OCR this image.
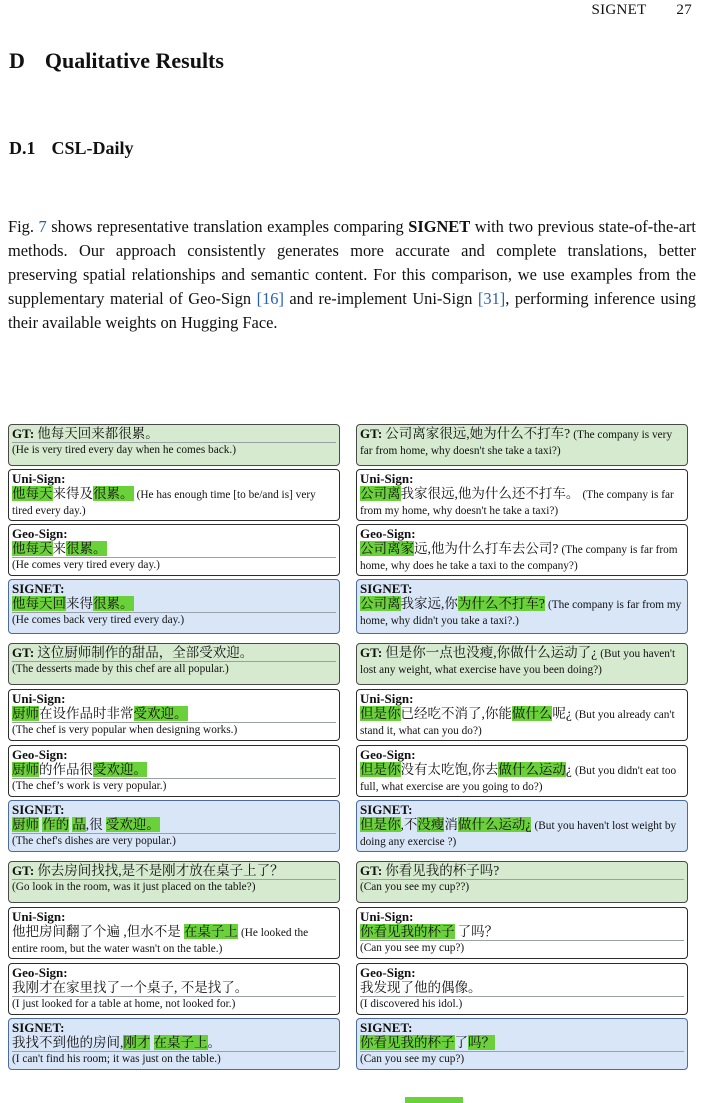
SIGNET 27
D Qualitative Results
D.1 CSL-Daily
Fig. 7 shows representative translation examples comparing SIGNET with two previous state-of-the-art methods. Our approach consistently generates more accurate and complete translations, better preserving spatial relationships and semantic content. For this comparison, we use examples from the supplementary material of Geo-Sign [16] and re-implement Uni-Sign [31], performing inference using their available weights on Hugging Face.
GT: 他每天回来都很累。
(He is very tired every day when he comes back.)
Uni-Sign:
他每天来得及很累。 (He has enough time [to be/and is] very tired every day.)
Geo-Sign:
他每天来很累。
(He comes very tired every day.)
SIGNET:
他每天回来得很累。
(He comes back very tired every day.)
GT: 这位厨师制作的甜品，全部受欢迎。
(The desserts made by this chef are all popular.)
Uni-Sign:
厨师在设作品时非常受欢迎。
(The chef is very popular when designing works.)
Geo-Sign:
厨师的作品很受欢迎。
(The chef’s work is very popular.)
SIGNET:
厨师 作的 品,很 受欢迎。
(The chef's dishes are very popular.)
GT: 你去房间找找,是不是刚才放在桌子上了？
(Go look in the room, was it just placed on the table?)
Uni-Sign:
他把房间翻了个遍 ,但水不是 在桌子上 (He looked the entire room, but the water wasn't on the table.)
Geo-Sign:
我刚才在家里找了一个桌子, 不是找了。
(I just looked for a table at home, not looked for.)
SIGNET:
我找不到他的房间,刚才 在桌子上。
(I can't find his room; it was just on the table.)
GT: 公司离家很远,她为什么不打车? (The company is very far from home, why doesn't she take a taxi?)
Uni-Sign:
公司离我家很远,他为什么还不打车。 (The company is far from my home, why doesn't he take a taxi?)
Geo-Sign:
公司离家远,他为什么打车去公司? (The company is far from home, why does he take a taxi to the company?)
SIGNET:
公司离我家远,你为什么不打车? (The company is far from my home, why didn't you take a taxi?.)
GT: 但是你一点也没瘦,你做什么运动了¿ (But you haven't lost any weight, what exercise have you been doing?)
Uni-Sign:
但是你已经吃不消了,你能做什么呢¿ (But you already can't stand it, what can you do?)
Geo-Sign:
但是你没有太吃饱,你去做什么运动¿ (But you didn't eat too full, what exercise are you going to do?)
SIGNET:
但是你,不没瘦消做什么运动¿ (But you haven't lost weight by doing any exercise ?)
GT: 你看见我的杯子吗?
(Can you see my cup??)
Uni-Sign:
你看见我的杯子 了吗？
(Can you see my cup?)
Geo-Sign:
我发现了他的偶像。
(I discovered his idol.)
SIGNET:
你看见我的杯子了吗？
(Can you see my cup?)
